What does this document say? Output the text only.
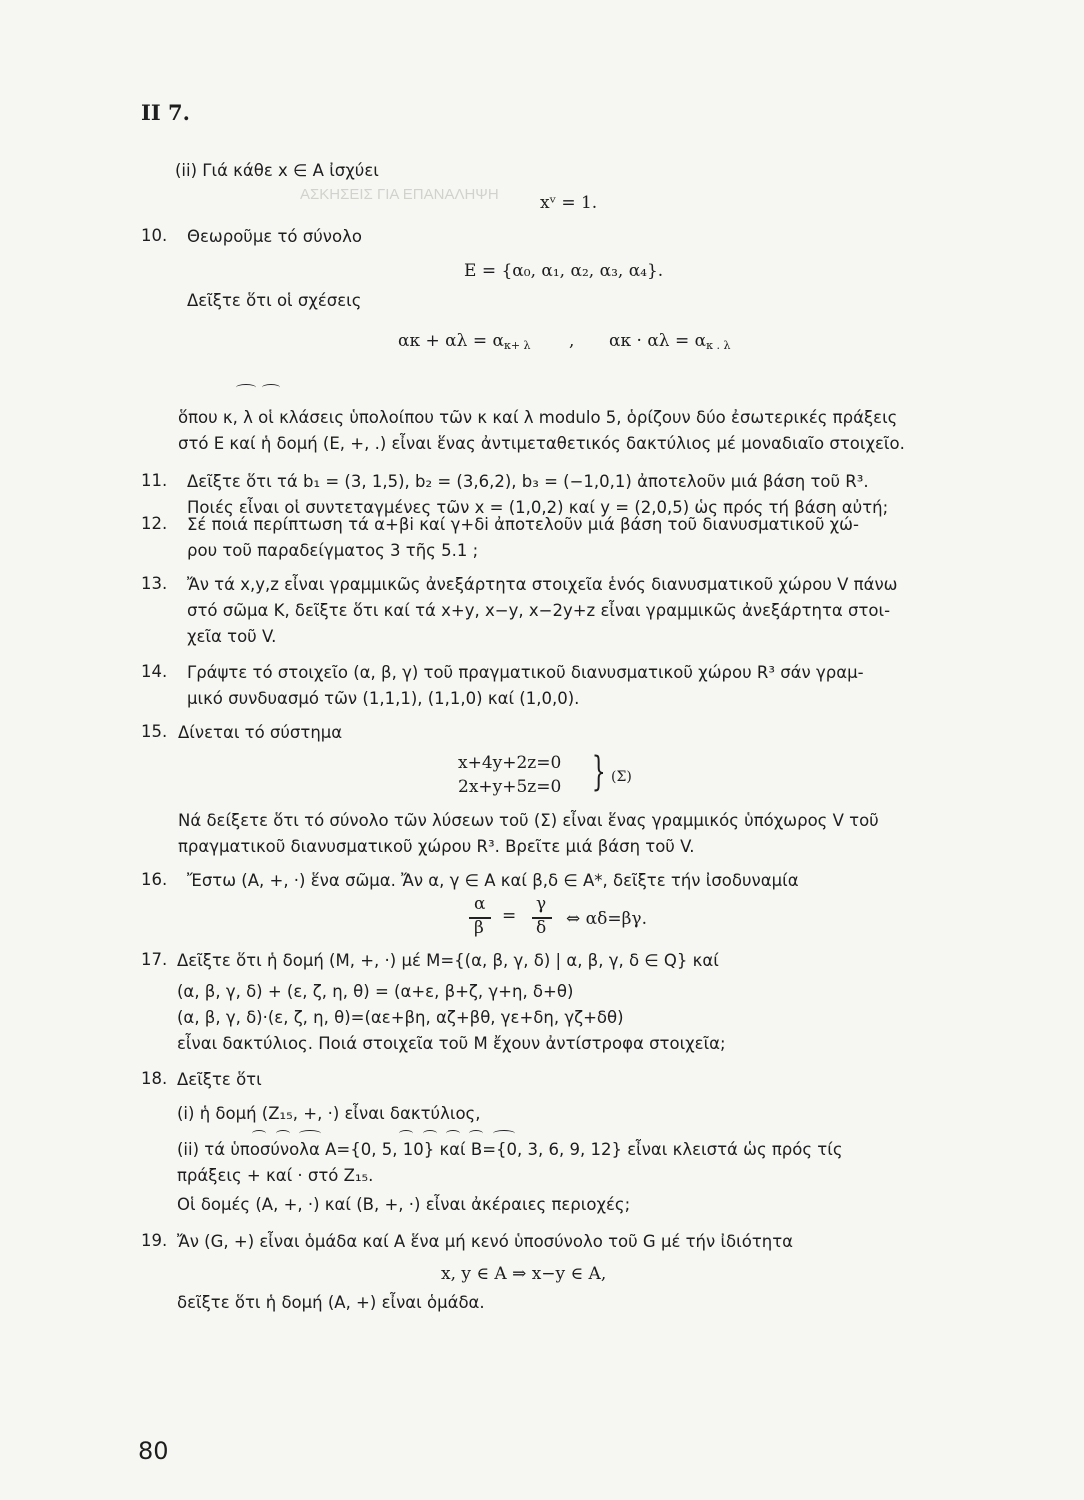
ΑΣΚΗΣΕΙΣ ΓΙΑ ΕΠΑΝΑΛΗΨΗ
II 7.
(ii) Γιά κάθε x ∈ A ἰσχύει
xᵛ = 1.
10. Θεωροῦμε τό σύνολο
E = {α₀, α₁, α₂, α₃, α₄}.
Δεῖξτε ὅτι οἱ σχέσεις
$\alpha\kappa + \alpha\lambda = \alpha_{\kappa+ \lambda}$ , $\alpha\kappa \cdot \alpha\lambda = \alpha_{\kappa . \lambda}$
ὅπου κ, λ οἱ κλάσεις ὑπολοίπου τῶν κ καί λ modulo 5, ὁρίζουν δύο ἐσωτερικές πράξεις
στό E καί ἡ δομή (E, +, .) εἶναι ἕνας ἀντιμεταθετικός δακτύλιος μέ μοναδιαῖο στοιχεῖο.
11. Δεῖξτε ὅτι τά b₁ = (3, 1,5), b₂ = (3,6,2), b₃ = (−1,0,1) ἀποτελοῦν μιά βάση τοῦ R³.
Ποιές εἶναι οἱ συντεταγμένες τῶν x = (1,0,2) καί y = (2,0,5) ὡς πρός τή βάση αὐτή;
12. Σέ ποιά περίπτωση τά α+βi καί γ+δi ἀποτελοῦν μιά βάση τοῦ διανυσματικοῦ χώ-
ρου τοῦ παραδείγματος 3 τῆς 5.1 ;
13. Ἄν τά x,y,z εἶναι γραμμικῶς ἀνεξάρτητα στοιχεῖα ἑνός διανυσματικοῦ χώρου V πάνω
στό σῶμα K, δεῖξτε ὅτι καί τά x+y, x−y, x−2y+z εἶναι γραμμικῶς ἀνεξάρτητα στοι-
χεῖα τοῦ V.
14. Γράψτε τό στοιχεῖο (α, β, γ) τοῦ πραγματικοῦ διανυσματικοῦ χώρου R³ σάν γραμ-
μικό συνδυασμό τῶν (1,1,1), (1,1,0) καί (1,0,0).
15. Δίνεται τό σύστημα
x+4y+2z=0
2x+y+5z=0 } (Σ)
Νά δείξετε ὅτι τό σύνολο τῶν λύσεων τοῦ (Σ) εἶναι ἕνας γραμμικός ὑπόχωρος V τοῦ
πραγματικοῦ διανυσματικοῦ χώρου R³. Βρεῖτε μιά βάση τοῦ V.
16. Ἔστω (A, +, ·) ἕνα σῶμα. Ἄν α, γ ∈ A καί β,δ ∈ A*, δεῖξτε τήν ἰσοδυναμία
α
β
=
γ
δ ⇔ αδ=βγ.
17. Δεῖξτε ὅτι ἡ δομή (M, +, ·) μέ M={(α, β, γ, δ) | α, β, γ, δ ∈ Q} καί
(α, β, γ, δ) + (ε, ζ, η, θ) = (α+ε, β+ζ, γ+η, δ+θ)
(α, β, γ, δ)·(ε, ζ, η, θ)=(αε+βη, αζ+βθ, γε+δη, γζ+δθ)
εἶναι δακτύλιος. Ποιά στοιχεῖα τοῦ M ἔχουν ἀντίστροφα στοιχεῖα;
18. Δεῖξτε ὅτι
(i) ἡ δομή (Z₁₅, +, ·) εἶναι δακτύλιος,
(ii) τά ὑποσύνολα A={0, 5, 10} καί B={0, 3, 6, 9, 12} εἶναι κλειστά ὡς πρός τίς
πράξεις + καί · στό Z₁₅.
Οἱ δομές (A, +, ·) καί (B, +, ·) εἶναι ἀκέραιες περιοχές;
19. Ἄν (G, +) εἶναι ὁμάδα καί A ἕνα μή κενό ὑποσύνολο τοῦ G μέ τήν ἰδιότητα
x, y ∈ A ⇒ x−y ∈ A,
δεῖξτε ὅτι ἡ δομή (A, +) εἶναι ὁμάδα.
80
